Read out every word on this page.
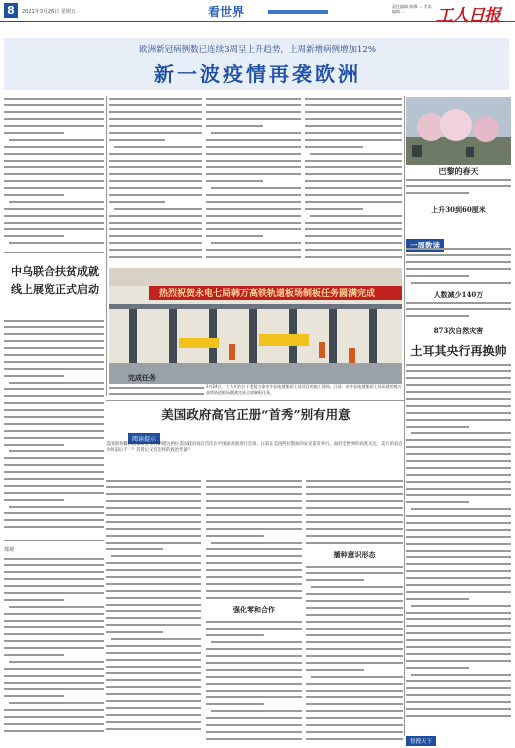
8	2021年3月26日 星期五	看世界	责任编辑 陈娜 ... 美术编辑 ...	工人日报
欧洲新冠病例数已连续3周呈上升趋势，上周新增病例增加12%
新一波疫情再袭欧洲
中乌联合扶贫成就
线上展览正式启动	热烈祝贺永电七局韩万高铁轨道板场制板任务圆满完成
完成任务
3月24日，工人们在位于老挝万象市中国电建集团七局项目的施工现场。日前，由中国电建集团七局承建的韩万高铁轨道板场圆满完成全部制板任务。
巴黎的春天
上升30到60厘米
人数减少140万
873次自然灾害
土耳其央行再换帅
智搜天下
美国政府高官正册“首秀”别有用意
阅读提示
美国国务卿和国家安全事务助理这两位美国政府高官首次在中国面对面进行会谈，日前在美国阿拉斯加的安克雷奇举行。面对全世界的高度关注，美方的表态为何前后不一？其背后又有怎样的政治考量？
强化零和合作
播种意识形态
郑观
